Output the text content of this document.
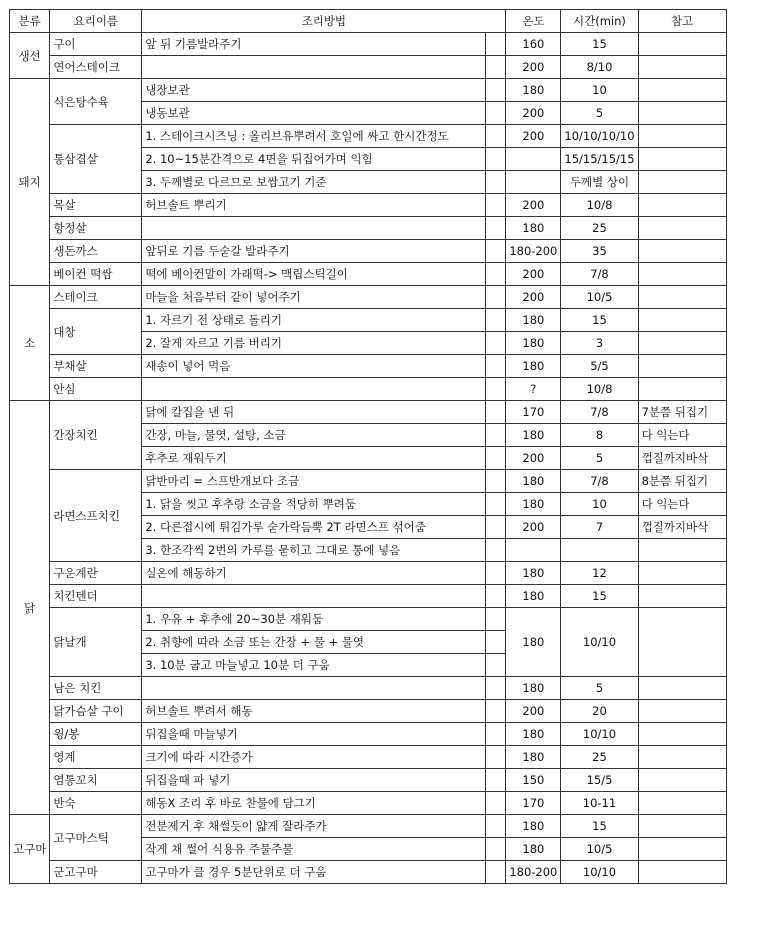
분류	요리이름	조리방법		온도	시간(min)	참고
생선	구이	앞 뒤 기름발라주기		160	15	
	연어스테이크			200	8/10	
돼지	식은탕수육	냉장보관		180	10	
		냉동보관		200	5	
	통삼겹살	1. 스테이크시즈닝 : 올리브유뿌려서 호일에 싸고 한시간정도		200	10/10/10/10	
		2. 10~15분간격으로 4면을 뒤집어가며 익힘			15/15/15/15	
		3. 두께별로 다르므로 보쌈고기 기준			두께별 상이	
	목살	허브솔트 뿌리기		200	10/8	
	항정살			180	25	
	생돈까스	앞뒤로 기름 두숟갈 발라주기		180-200	35	
	베이컨 떡쌈	떡에 베이컨말이 가래떡-> 맥립스틱길이		200	7/8	
소	스테이크	마늘을 처음부터 같이 넣어주기		200	10/5	
	대창	1. 자르기 전 상태로 돌리기		180	15	
		2. 잘게 자르고 기름 버리기		180	3	
	부채살	새송이 넣어 먹음		180	5/5	
	안심			?	10/8	
닭	간장치킨	닭에 칼집을 낸 뒤		170	7/8	7분쯤 뒤집기
		간장, 마늘, 물엿, 설탕, 소금		180	8	다 익는다
		후추로 재워두기		200	5	껍질까지바삭
	라면스프치킨	닭반마리 = 스프반개보다 조금		180	7/8	8분쯤 뒤집기
		1. 닭을 씻고 후추랑 소금을 적당히 뿌려둠		180	10	다 익는다
		2. 다른접시에 튀김가루 숟가락듬뿍 2T 라면스프 섞어줌		200	7	껍질까지바삭
		3. 한조각씩 2번의 가루를 묻히고 그대로 통에 넣음				
	구운계란	실온에 해동하기		180	12	
	치킨텐더			180	15	
	닭날개	1. 우유 + 후추에 20~30분 재워둠		180	10/10	
		2. 취향에 따라 소금 또는 간장 + 물 + 물엿				
		3. 10분 굽고 마늘넣고 10분 더 구움				
	남은 치킨			180	5	
	닭가슴살 구이	허브솔트 뿌려서 해동		200	20	
	윙/봉	뒤집을때 마늘넣기		180	10/10	
	영계	크기에 따라 시간증가		180	25	
	염통꼬치	뒤집을때 파 넣기		150	15/5	
	반숙	해동X 조리 후 바로 찬물에 담그기		170	10-11	
고구마	고구마스틱	전분제거 후 채썰듯이 얇게 잘라주가		180	15	
		작게 채 썰어 식용유 주물주물		180	10/5	
	군고구마	고구마가 클 경우 5분단위로 더 구움		180-200	10/10	
